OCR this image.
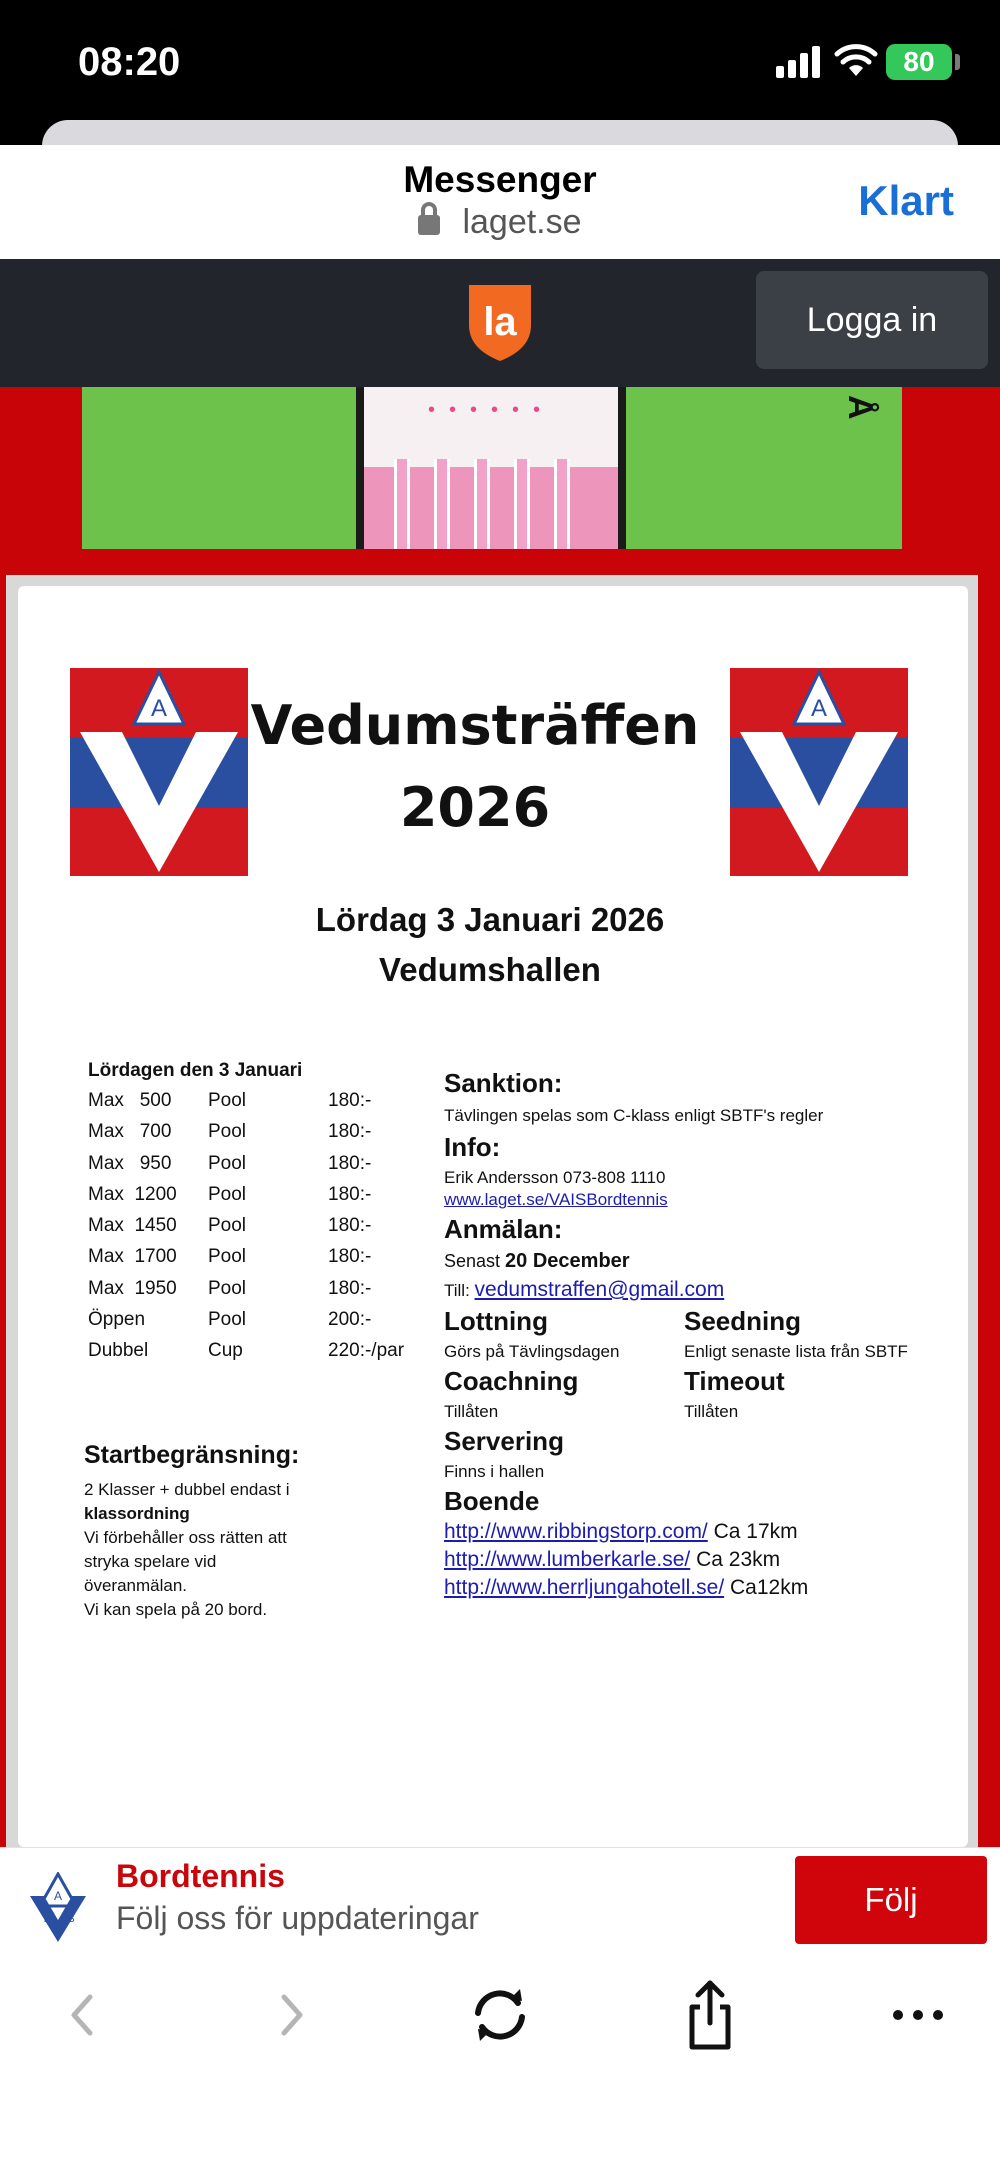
08:20	80
Messenger
laget.se	Klart
la	Logga in
••••••	Å
A
I S
A
I S
Vedumsträffen
2026
Lördag 3 Januari 2026
Vedumshallen
Lördagen den 3 Januari
Max   500 Pool	180:-
Max   700 Pool	180:-
Max   950 Pool	180:-
Max  1200 Pool	180:-
Max  1450 Pool	180:-
Max  1700 Pool	180:-
Max  1950 Pool	180:-
Öppen	Pool	200:-
Dubbel	Cup	220:-/par
Startbegränsning:
2 Klasser + dubbel endast i
klassordning
Vi förbehåller oss rätten att
stryka spelare vid
överanmälan.
Vi kan spela på 20 bord.
Sanktion:
Tävlingen spelas som C-klass enligt SBTF's regler
Info:
Erik Andersson 073-808 1110
www.laget.se/VAISBordtennis
Anmälan:
Senast 20 December
Till: vedumstraffen@gmail.com
Lottning
Görs på Tävlingsdagen
Seedning
Enligt senaste lista från SBTF
Coachning
Tillåten
Timeout
Tillåten
Servering
Finns i hallen
Boende
http://www.ribbingstorp.com/ Ca 17km
http://www.lumberkarle.se/ Ca 23km
http://www.herrljungahotell.se/ Ca12km
A
I S
Bordtennis
Följ oss för uppdateringar	Följ
